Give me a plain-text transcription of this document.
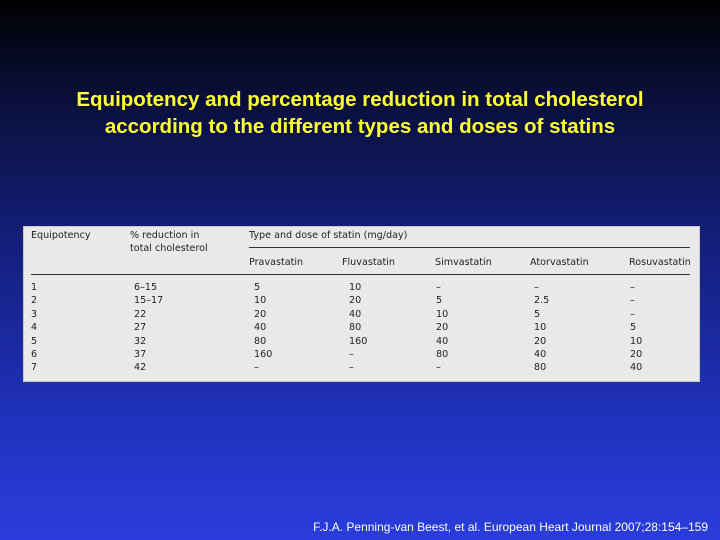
Equipotency and percentage reduction in total cholesterol
according to the different types and doses of statins
Equipotency	% reduction in
total cholesterol
Type and dose of statin (mg/day)
Pravastatin	Fluvastatin	Simvastatin	Atorvastatin	Rosuvastatin
1	6–15	5	10	–	–	–
2	15–17	10	20	5	2.5	–
3	22	20	40	10	5	–
4	27	40	80	20	10	5
5	32	80	160	40	20	10
6	37	160	–	80	40	20
7	42	–	–	–	80	40
F.J.A. Penning-van Beest, et al. European Heart Journal 2007;28:154–159
